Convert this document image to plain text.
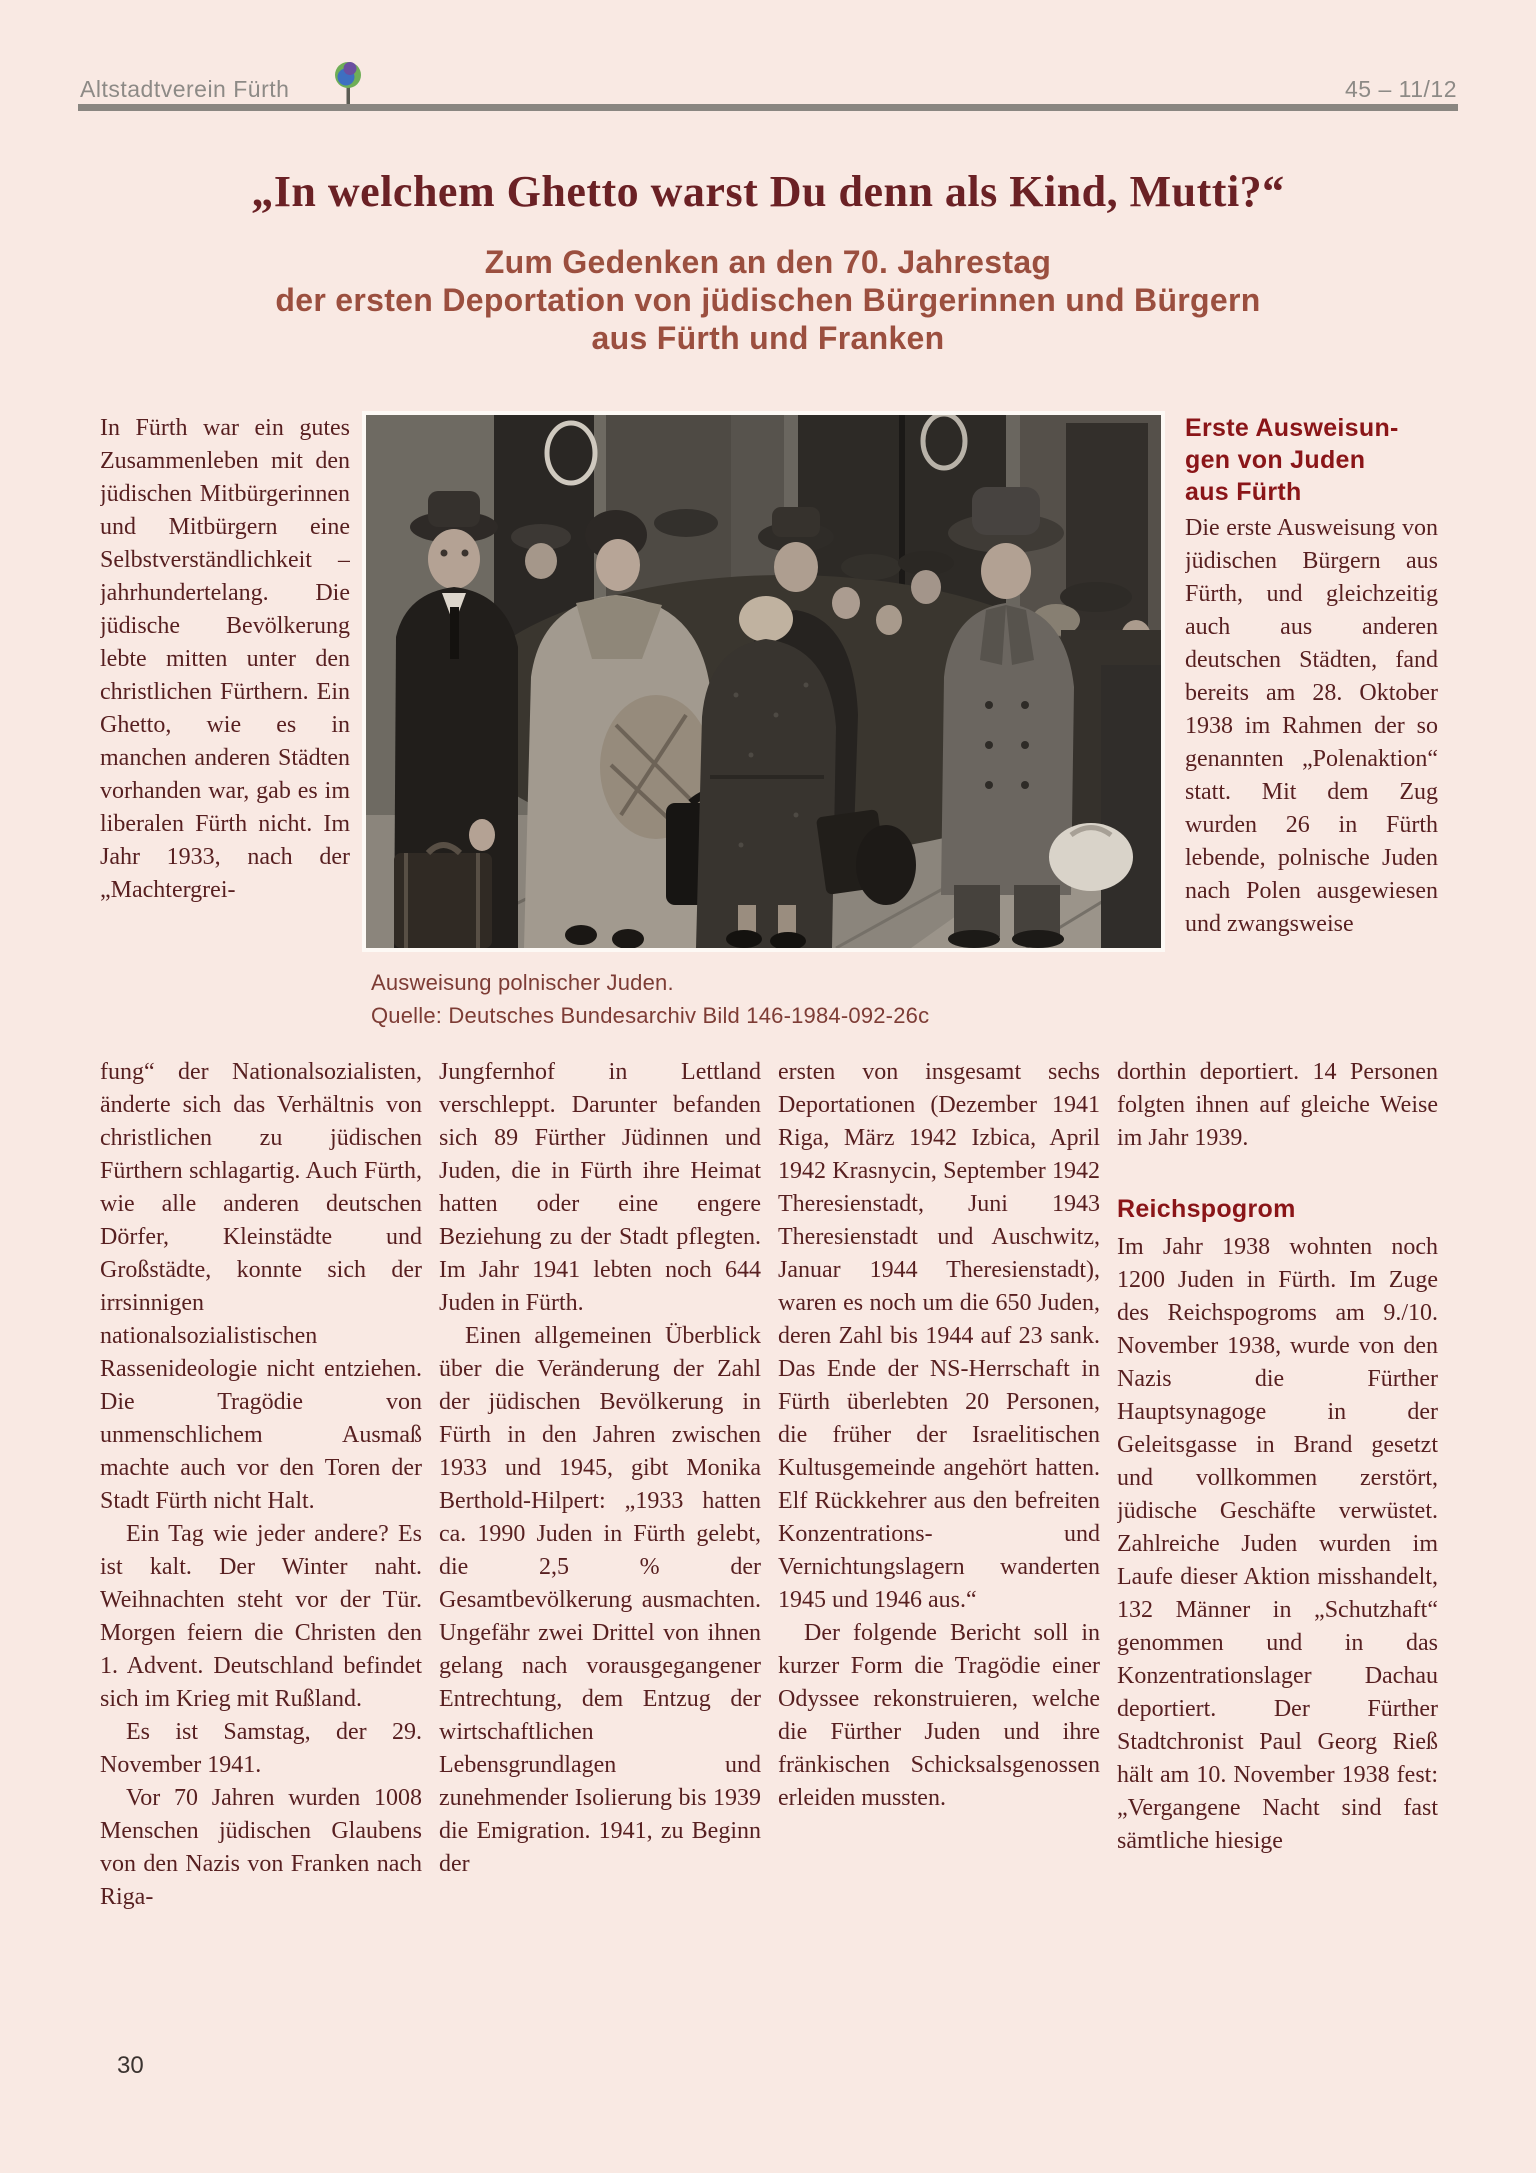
Altstadtverein Fürth	45 – 11/12
„In welchem Ghetto warst Du denn als Kind, Mutti?“
Zum Gedenken an den 70. Jahrestag
der ersten Deportation von jüdischen Bürgerinnen und Bürgern
aus Fürth und Franken

In Fürth war ein gutes Zusammenleben mit den jüdischen Mitbürgerinnen und Mitbürgern eine Selbstverständlichkeit – jahrhundertelang. Die jüdische Bevölkerung lebte mitten unter den christlichen Fürthern. Ein Ghetto, wie es in manchen anderen Städten vorhanden war, gab es im liberalen Fürth nicht. Im Jahr 1933, nach der „Machtergrei-

Ausweisung polnischer Juden.
Quelle: Deutsches Bundesarchiv Bild 146-1984-092-26c
Erste Ausweisun-
gen von Juden
aus Fürth

Die erste Ausweisung von jüdischen Bürgern aus Fürth, und gleichzeitig auch aus anderen deutschen Städten, fand bereits am 28. Oktober 1938 im Rahmen der so genannten „Polenaktion“ statt. Mit dem Zug wurden 26 in Fürth lebende, polnische Juden nach Polen ausgewiesen und zwangsweise

fung“ der Nationalsozialisten, änderte sich das Verhältnis von christlichen zu jüdischen Fürthern schlagartig. Auch Fürth, wie alle anderen deutschen Dörfer, Kleinstädte und Großstädte, konnte sich der irrsinnigen nationalsozialistischen Rassenideologie nicht entziehen. Die Tragödie von unmenschlichem Ausmaß machte auch vor den Toren der Stadt Fürth nicht Halt.

Ein Tag wie jeder andere? Es ist kalt. Der Winter naht. Weihnachten steht vor der Tür. Morgen feiern die Christen den 1. Advent. Deutschland befindet sich im Krieg mit Rußland.

Es ist Samstag, der 29. November 1941.

Vor 70 Jahren wurden 1008 Menschen jüdischen Glaubens von den Nazis von Franken nach Riga-

Jungfernhof in Lettland verschleppt. Darunter befanden sich 89 Fürther Jüdinnen und Juden, die in Fürth ihre Heimat hatten oder eine engere Beziehung zu der Stadt pflegten. Im Jahr 1941 lebten noch 644 Juden in Fürth.

Einen allgemeinen Überblick über die Veränderung der Zahl der jüdischen Bevölkerung in Fürth in den Jahren zwischen 1933 und 1945, gibt Monika Berthold-Hilpert: „1933 hatten ca. 1990 Juden in Fürth gelebt, die 2,5 % der Gesamtbevölkerung ausmachten. Ungefähr zwei Drittel von ihnen gelang nach vorausgegangener Entrechtung, dem Entzug der wirtschaftlichen Lebensgrundlagen und zunehmender Isolierung bis 1939 die Emigration. 1941, zu Beginn der

ersten von insgesamt sechs Deportationen (Dezember 1941 Riga, März 1942 Izbica, April 1942 Krasnycin, September 1942 Theresienstadt, Juni 1943 Theresienstadt und Auschwitz, Januar 1944 Theresienstadt), waren es noch um die 650 Juden, deren Zahl bis 1944 auf 23 sank. Das Ende der NS-Herrschaft in Fürth überlebten 20 Personen, die früher der Israelitischen Kultusgemeinde angehört hatten. Elf Rückkehrer aus den befreiten Konzentrations- und Vernichtungslagern wanderten 1945 und 1946 aus.“

Der folgende Bericht soll in kurzer Form die Tragödie einer Odyssee rekonstruieren, welche die Fürther Juden und ihre fränkischen Schicksalsgenossen erleiden mussten.

dorthin deportiert. 14 Personen folgten ihnen auf gleiche Weise im Jahr 1939.

Reichspogrom

Im Jahr 1938 wohnten noch 1200 Juden in Fürth. Im Zuge des Reichspogroms am 9./10. November 1938, wurde von den Nazis die Fürther Hauptsynagoge in der Geleitsgasse in Brand gesetzt und vollkommen zerstört, jüdische Geschäfte verwüstet. Zahlreiche Juden wurden im Laufe dieser Aktion misshandelt, 132 Männer in „Schutzhaft“ genommen und in das Konzentrationslager Dachau deportiert. Der Fürther Stadtchronist Paul Georg Rieß hält am 10. November 1938 fest: „Vergangene Nacht sind fast sämtliche hiesige

30
